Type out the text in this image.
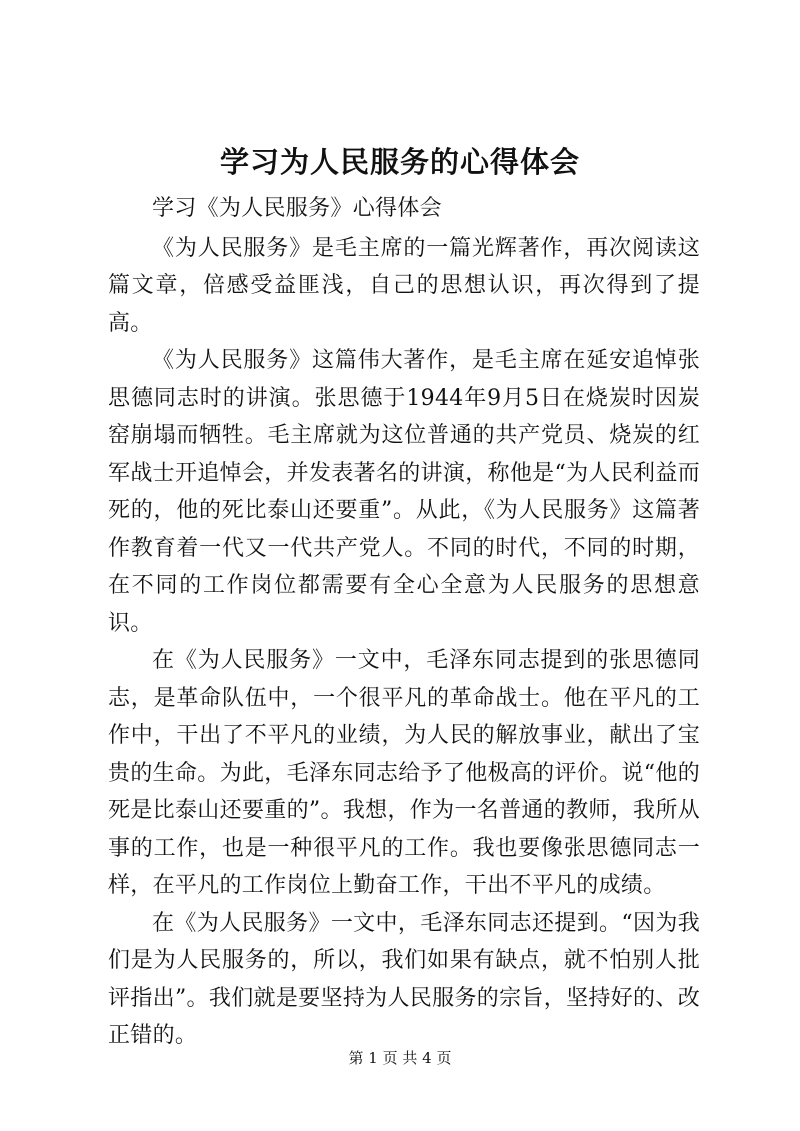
学习为人民服务的心得体会

学习《为人民服务》心得体会

《为人民服务》是毛主席的一篇光辉著作，再次阅读这篇文章，倍感受益匪浅，自己的思想认识，再次得到了提高。

《为人民服务》这篇伟大著作，是毛主席在延安追悼张思德同志时的讲演。张思德于1944年9月5日在烧炭时因炭窑崩塌而牺牲。毛主席就为这位普通的共产党员、烧炭的红军战士开追悼会，并发表著名的讲演，称他是“为人民利益而死的，他的死比泰山还要重”。从此，《为人民服务》这篇著作教育着一代又一代共产党人。不同的时代，不同的时期，在不同的工作岗位都需要有全心全意为人民服务的思想意识。

在《为人民服务》一文中，毛泽东同志提到的张思德同志，是革命队伍中，一个很平凡的革命战士。他在平凡的工作中，干出了不平凡的业绩，为人民的解放事业，献出了宝贵的生命。为此，毛泽东同志给予了他极高的评价。说“他的死是比泰山还要重的”。我想，作为一名普通的教师，我所从事的工作，也是一种很平凡的工作。我也要像张思德同志一样，在平凡的工作岗位上勤奋工作，干出不平凡的成绩。

在《为人民服务》一文中，毛泽东同志还提到。“因为我们是为人民服务的，所以，我们如果有缺点，就不怕别人批评指出”。我们就是要坚持为人民服务的宗旨，坚持好的、改正错的。

第 1 页 共 4 页
